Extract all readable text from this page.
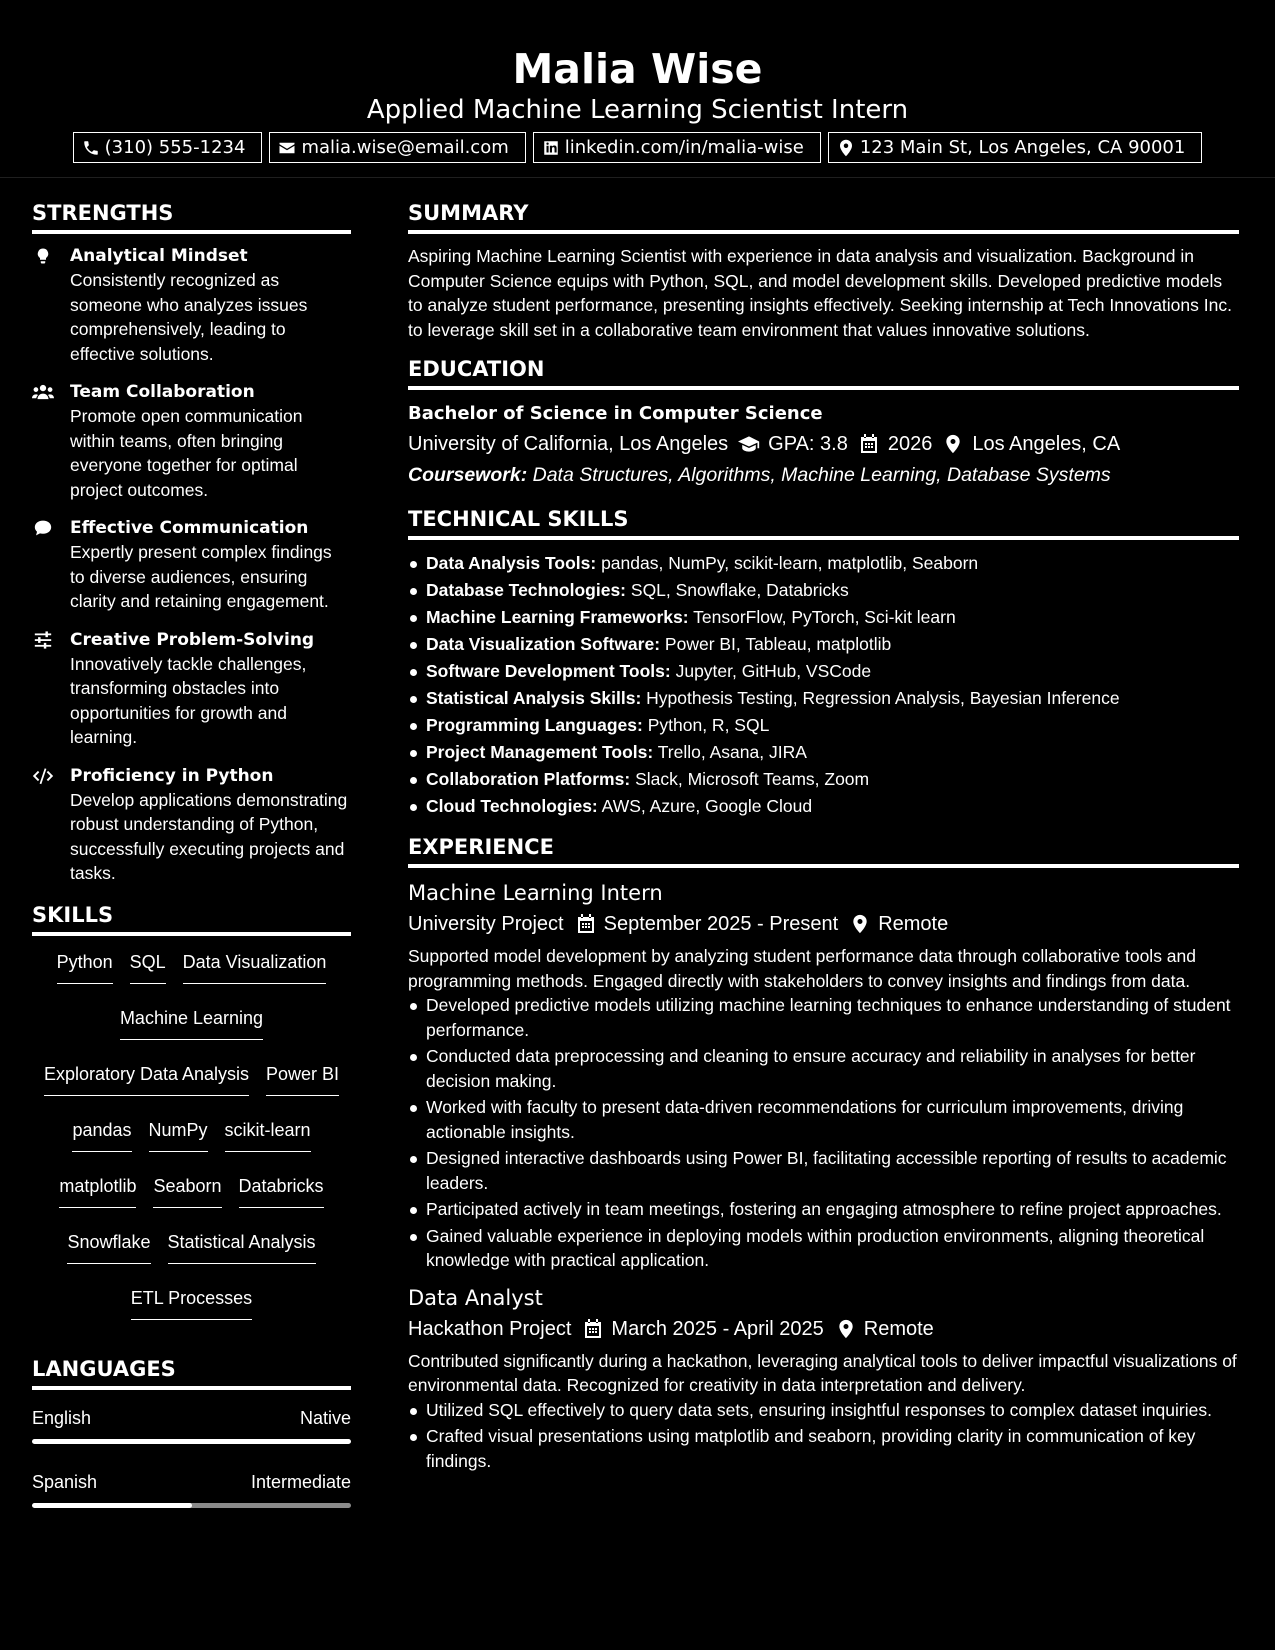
Malia Wise
Applied Machine Learning Scientist Intern
(310) 555-1234	malia.wise@email.com	linkedin.com/in/malia-wise	123 Main St, Los Angeles, CA 90001
STRENGTHS
Analytical Mindset
Consistently recognized as someone who analyzes issues comprehensively, leading to effective solutions.
Team Collaboration
Promote open communication within teams, often bringing everyone together for optimal project outcomes.
Effective Communication
Expertly present complex findings to diverse audiences, ensuring clarity and retaining engagement.
Creative Problem-Solving
Innovatively tackle challenges, transforming obstacles into opportunities for growth and learning.
Proficiency in Python
Develop applications demonstrating robust understanding of Python, successfully executing projects and tasks.
SKILLS
Python SQL Data Visualization
Machine Learning
Exploratory Data Analysis Power BI
pandas NumPy scikit-learn
matplotlib Seaborn Databricks
Snowflake Statistical Analysis
ETL Processes
LANGUAGES
English	Native
Spanish	Intermediate
SUMMARY
Aspiring Machine Learning Scientist with experience in data analysis and visualization. Background in Computer Science equips with Python, SQL, and model development skills. Developed predictive models to analyze student performance, presenting insights effectively. Seeking internship at Tech Innovations Inc. to leverage skill set in a collaborative team environment that values innovative solutions.
EDUCATION
Bachelor of Science in Computer Science
University of California, Los Angeles GPA: 3.8 2026 Los Angeles, CA
Coursework: Data Structures, Algorithms, Machine Learning, Database Systems
TECHNICAL SKILLS
Data Analysis Tools: pandas, NumPy, scikit-learn, matplotlib, Seaborn
Database Technologies: SQL, Snowflake, Databricks
Machine Learning Frameworks: TensorFlow, PyTorch, Sci-kit learn
Data Visualization Software: Power BI, Tableau, matplotlib
Software Development Tools: Jupyter, GitHub, VSCode
Statistical Analysis Skills: Hypothesis Testing, Regression Analysis, Bayesian Inference
Programming Languages: Python, R, SQL
Project Management Tools: Trello, Asana, JIRA
Collaboration Platforms: Slack, Microsoft Teams, Zoom
Cloud Technologies: AWS, Azure, Google Cloud
EXPERIENCE
Machine Learning Intern
University Project September 2025 - Present Remote
Supported model development by analyzing student performance data through collaborative tools and programming methods. Engaged directly with stakeholders to convey insights and findings from data.
Developed predictive models utilizing machine learning techniques to enhance understanding of student performance.
Conducted data preprocessing and cleaning to ensure accuracy and reliability in analyses for better decision making.
Worked with faculty to present data-driven recommendations for curriculum improvements, driving actionable insights.
Designed interactive dashboards using Power BI, facilitating accessible reporting of results to academic leaders.
Participated actively in team meetings, fostering an engaging atmosphere to refine project approaches.
Gained valuable experience in deploying models within production environments, aligning theoretical knowledge with practical application.
Data Analyst
Hackathon Project March 2025 - April 2025 Remote
Contributed significantly during a hackathon, leveraging analytical tools to deliver impactful visualizations of environmental data. Recognized for creativity in data interpretation and delivery.
Utilized SQL effectively to query data sets, ensuring insightful responses to complex dataset inquiries.
Crafted visual presentations using matplotlib and seaborn, providing clarity in communication of key findings.
